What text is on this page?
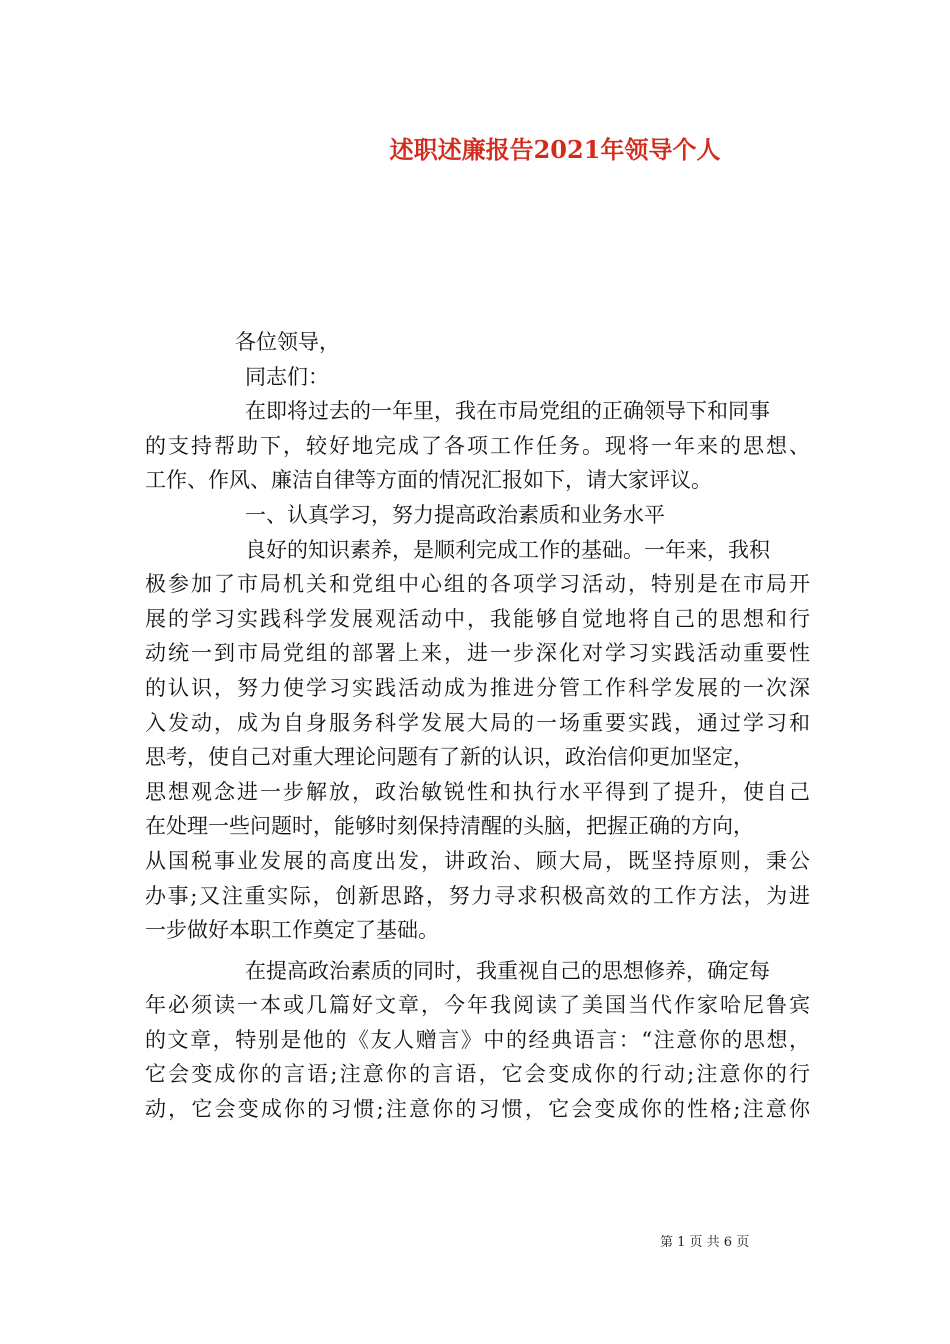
述职述廉报告2021年领导个人
各位领导，
同志们：
在即将过去的一年里，我在市局党组的正确领导下和同事
的支持帮助下，较好地完成了各项工作任务。现将一年来的思想、
工作、作风、廉洁自律等方面的情况汇报如下，请大家评议。
一、认真学习，努力提高政治素质和业务水平
良好的知识素养，是顺利完成工作的基础。一年来，我积
极参加了市局机关和党组中心组的各项学习活动，特别是在市局开
展的学习实践科学发展观活动中，我能够自觉地将自己的思想和行
动统一到市局党组的部署上来，进一步深化对学习实践活动重要性
的认识，努力使学习实践活动成为推进分管工作科学发展的一次深
入发动，成为自身服务科学发展大局的一场重要实践，通过学习和
思考，使自己对重大理论问题有了新的认识，政治信仰更加坚定，
思想观念进一步解放，政治敏锐性和执行水平得到了提升，使自己
在处理一些问题时，能够时刻保持清醒的头脑，把握正确的方向，
从国税事业发展的高度出发，讲政治、顾大局，既坚持原则，秉公
办事;又注重实际，创新思路，努力寻求积极高效的工作方法，为进
一步做好本职工作奠定了基础。
在提高政治素质的同时，我重视自己的思想修养，确定每
年必须读一本或几篇好文章，今年我阅读了美国当代作家哈尼鲁宾
的文章，特别是他的《友人赠言》中的经典语言：“注意你的思想，
它会变成你的言语;注意你的言语，它会变成你的行动;注意你的行
动，它会变成你的习惯;注意你的习惯，它会变成你的性格;注意你
第 1 页 共 6 页
